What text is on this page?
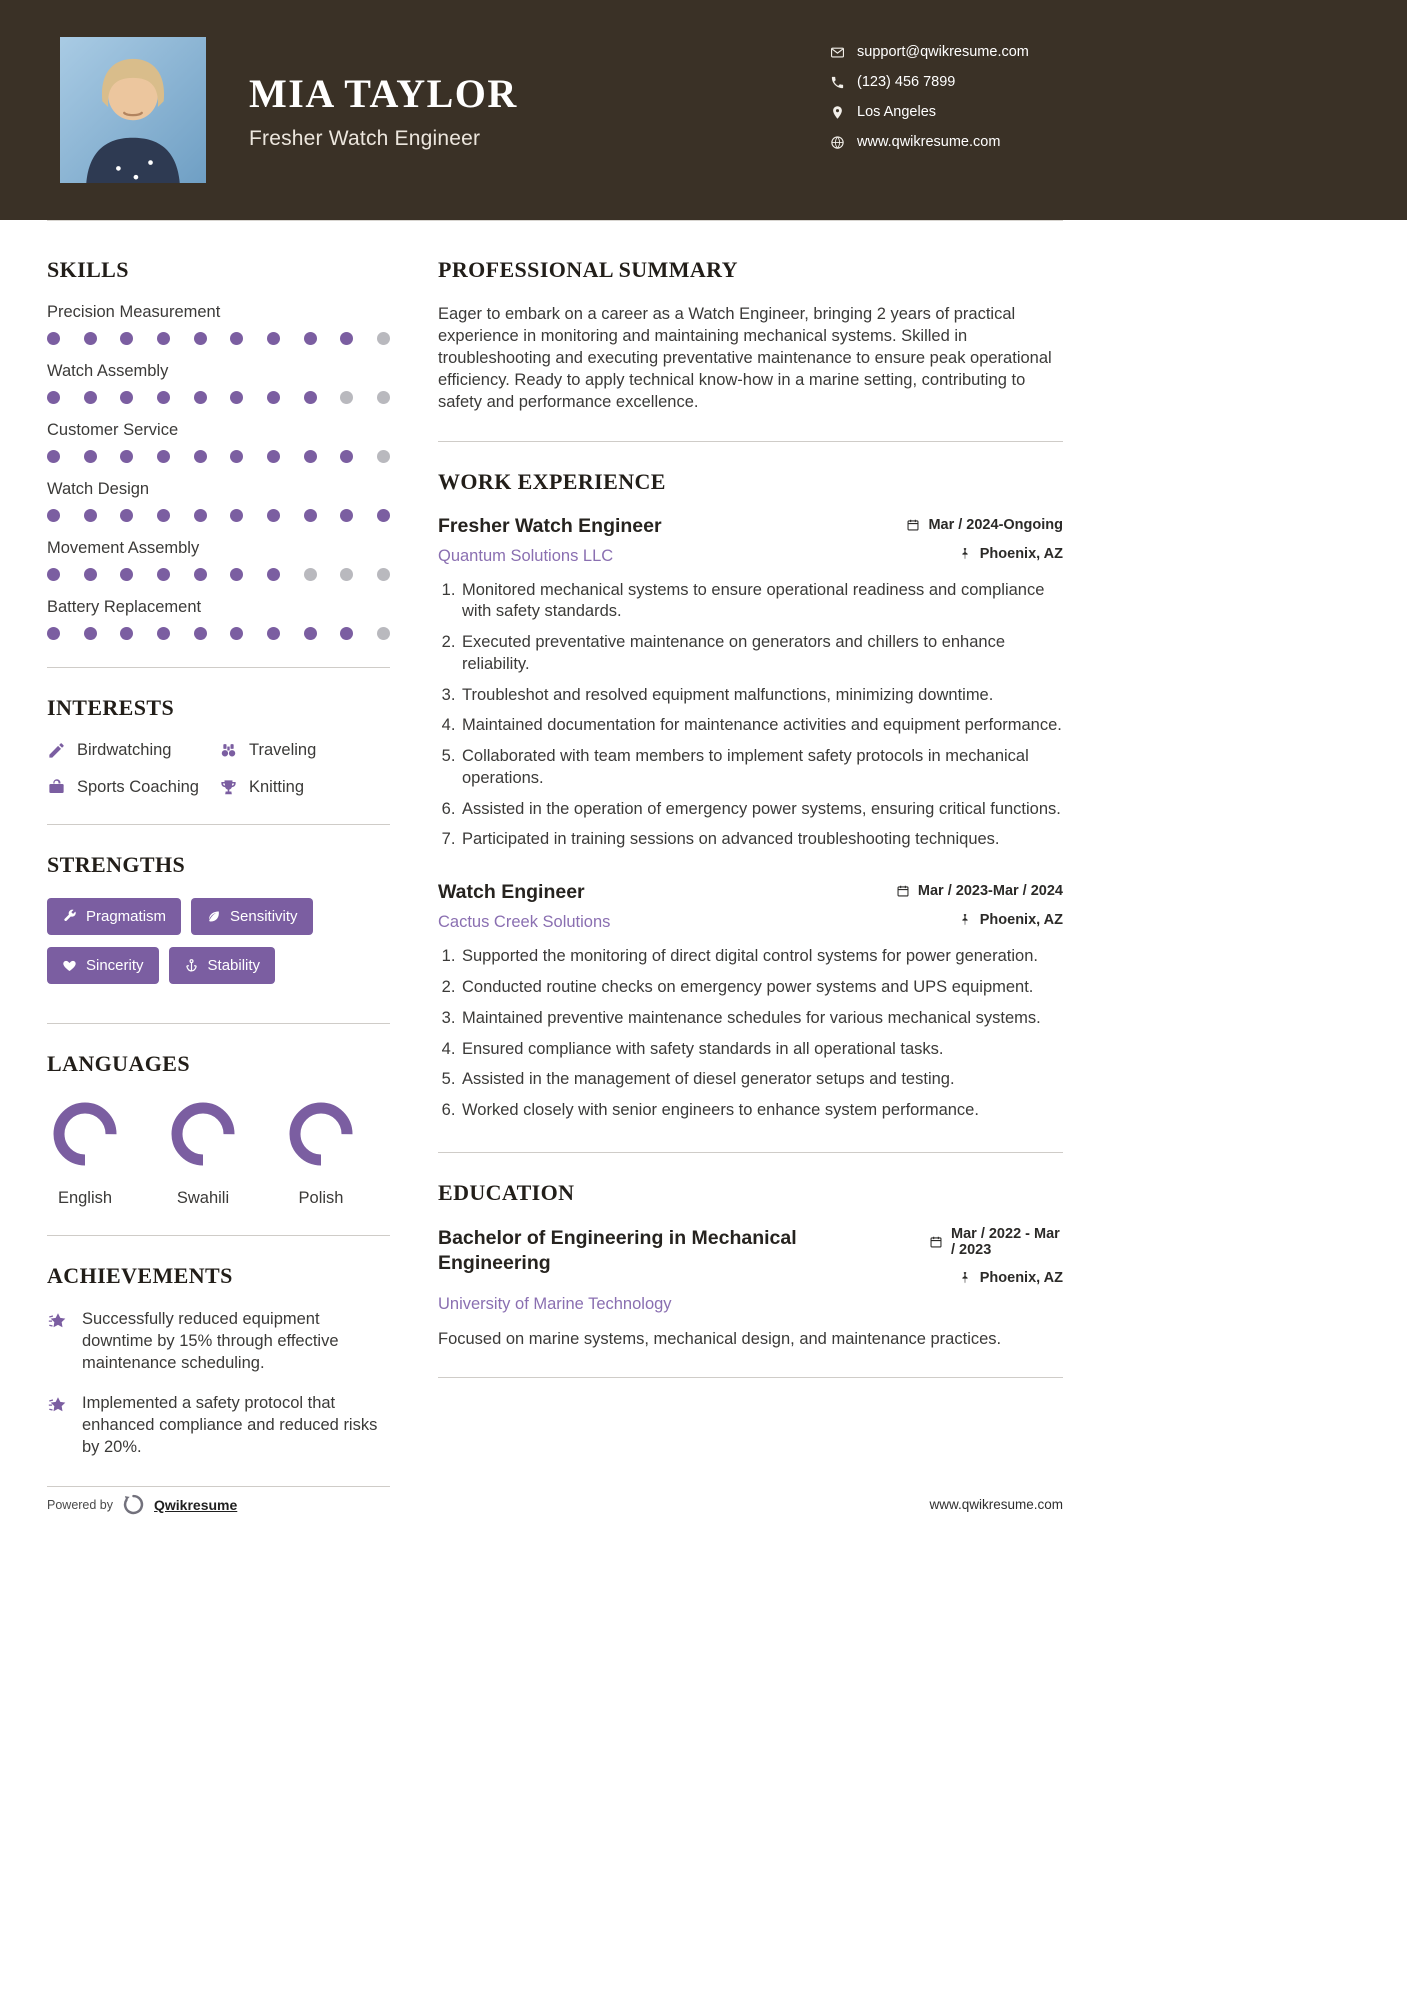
MIA TAYLOR
Fresher Watch Engineer
support@qwikresume.com
(123) 456 7899
Los Angeles
www.qwikresume.com
SKILLS
Precision Measurement
Watch Assembly
Customer Service
Watch Design
Movement Assembly
Battery Replacement
INTERESTS
Birdwatching	Traveling
Sports Coaching	Knitting
STRENGTHS
Pragmatism	Sensitivity
Sincerity	Stability
LANGUAGES
English	Swahili	Polish
ACHIEVEMENTS
Successfully reduced equipment downtime by 15% through effective maintenance scheduling.
Implemented a safety protocol that enhanced compliance and reduced risks by 20%.
PROFESSIONAL SUMMARY

Eager to embark on a career as a Watch Engineer, bringing 2 years of practical experience in monitoring and maintaining mechanical systems. Skilled in troubleshooting and executing preventative maintenance to ensure peak operational efficiency. Ready to apply technical know-how in a marine setting, contributing to safety and performance excellence.

WORK EXPERIENCE
Fresher Watch Engineer	Mar / 2024-Ongoing
Quantum Solutions LLC	Phoenix, AZ
1. Monitored mechanical systems to ensure operational readiness and compliance with safety standards.
2. Executed preventative maintenance on generators and chillers to enhance reliability.
3. Troubleshot and resolved equipment malfunctions, minimizing downtime.
4. Maintained documentation for maintenance activities and equipment performance.
5. Collaborated with team members to implement safety protocols in mechanical operations.
6. Assisted in the operation of emergency power systems, ensuring critical functions.
7. Participated in training sessions on advanced troubleshooting techniques.
Watch Engineer	Mar / 2023-Mar / 2024
Cactus Creek Solutions	Phoenix, AZ
1. Supported the monitoring of direct digital control systems for power generation.
2. Conducted routine checks on emergency power systems and UPS equipment.
3. Maintained preventive maintenance schedules for various mechanical systems.
4. Ensured compliance with safety standards in all operational tasks.
5. Assisted in the management of diesel generator setups and testing.
6. Worked closely with senior engineers to enhance system performance.
EDUCATION
Bachelor of Engineering in Mechanical Engineering
Mar / 2022 - Mar / 2023
Phoenix, AZ
University of Marine Technology

Focused on marine systems, mechanical design, and maintenance practices.

Powered by	Qwikresume	www.qwikresume.com
